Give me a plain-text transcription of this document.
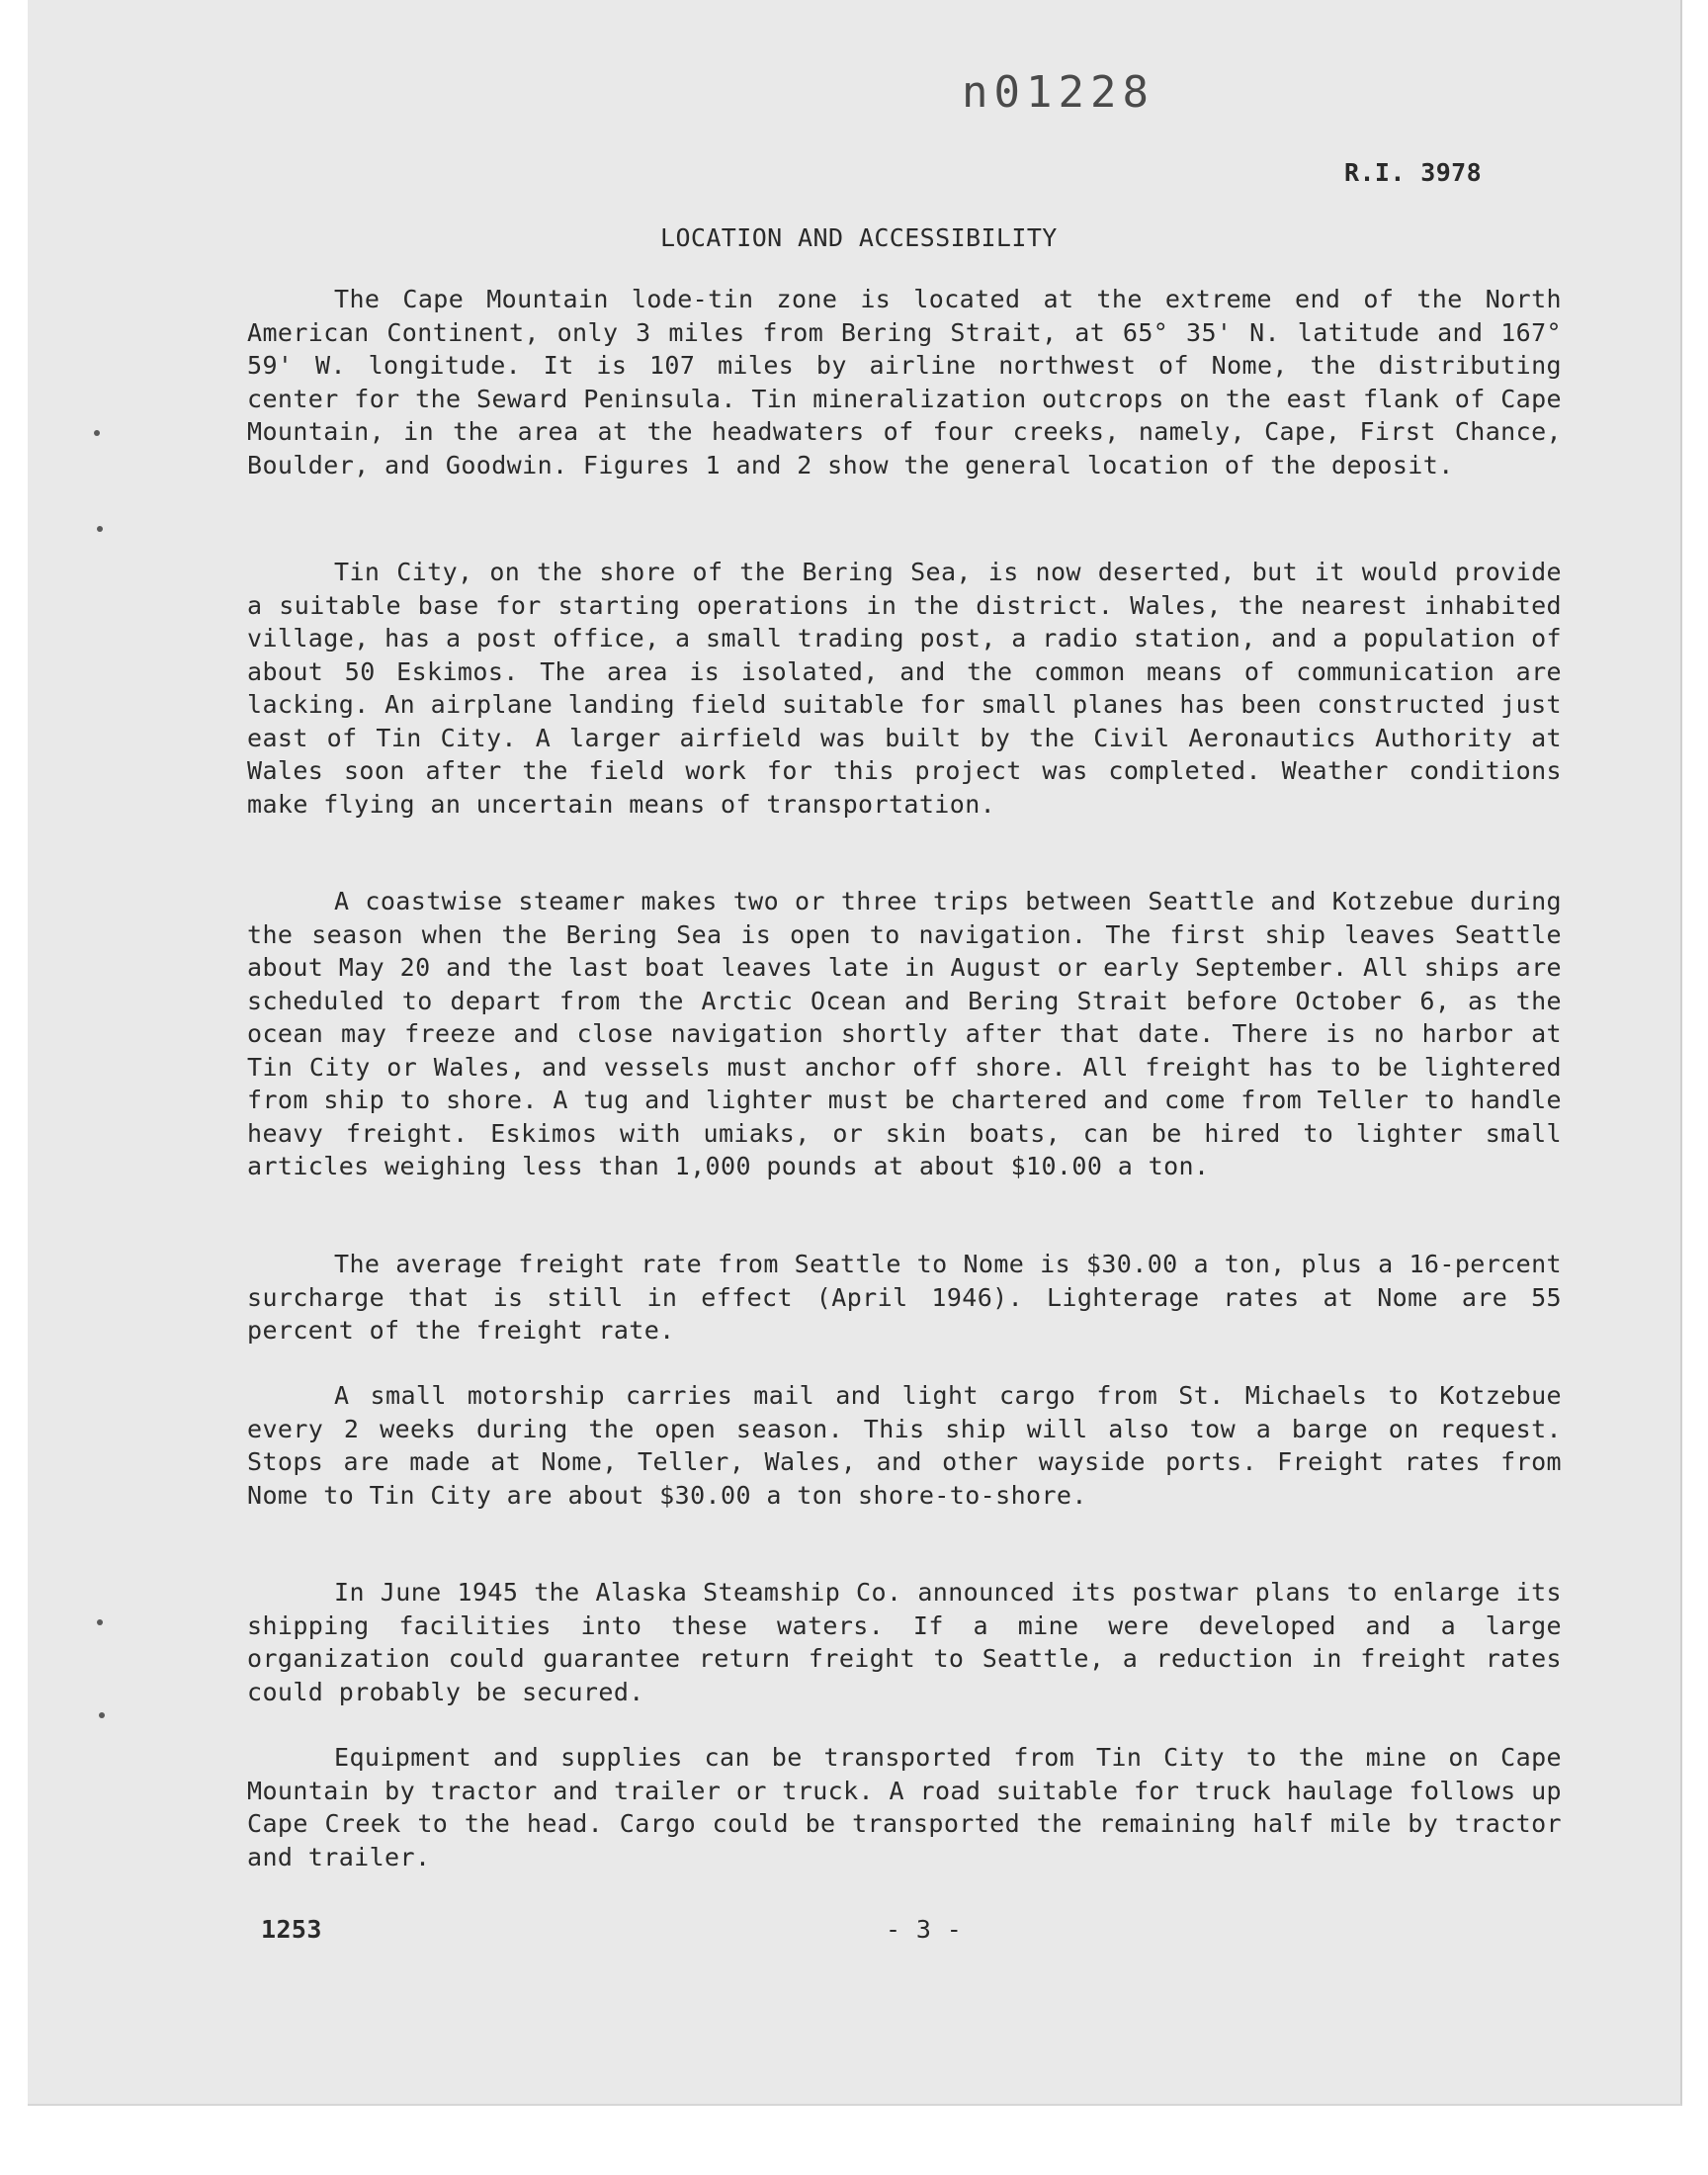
n01228
R.I. 3978
LOCATION AND ACCESSIBILITY

The Cape Mountain lode-tin zone is located at the extreme end of the North American Continent, only 3 miles from Bering Strait, at 65° 35' N. latitude and 167° 59' W. longitude. It is 107 miles by airline northwest of Nome, the distributing center for the Seward Peninsula. Tin mineralization outcrops on the east flank of Cape Mountain, in the area at the headwaters of four creeks, namely, Cape, First Chance, Boulder, and Goodwin. Figures 1 and 2 show the general location of the deposit.

Tin City, on the shore of the Bering Sea, is now deserted, but it would provide a suitable base for starting operations in the district. Wales, the nearest inhabited village, has a post office, a small trading post, a radio station, and a population of about 50 Eskimos. The area is isolated, and the common means of communication are lacking. An airplane landing field suitable for small planes has been constructed just east of Tin City. A larger airfield was built by the Civil Aeronautics Authority at Wales soon after the field work for this project was completed. Weather conditions make flying an uncertain means of transportation.

A coastwise steamer makes two or three trips between Seattle and Kotzebue during the season when the Bering Sea is open to navigation. The first ship leaves Seattle about May 20 and the last boat leaves late in August or early September. All ships are scheduled to depart from the Arctic Ocean and Bering Strait before October 6, as the ocean may freeze and close navigation shortly after that date. There is no harbor at Tin City or Wales, and vessels must anchor off shore. All freight has to be lightered from ship to shore. A tug and lighter must be chartered and come from Teller to handle heavy freight. Eskimos with umiaks, or skin boats, can be hired to lighter small articles weighing less than 1,000 pounds at about $10.00 a ton.

The average freight rate from Seattle to Nome is $30.00 a ton, plus a 16-percent surcharge that is still in effect (April 1946). Lighterage rates at Nome are 55 percent of the freight rate.

A small motorship carries mail and light cargo from St. Michaels to Kotzebue every 2 weeks during the open season. This ship will also tow a barge on request. Stops are made at Nome, Teller, Wales, and other wayside ports. Freight rates from Nome to Tin City are about $30.00 a ton shore-to-shore.

In June 1945 the Alaska Steamship Co. announced its postwar plans to enlarge its shipping facilities into these waters. If a mine were developed and a large organization could guarantee return freight to Seattle, a reduction in freight rates could probably be secured.

Equipment and supplies can be transported from Tin City to the mine on Cape Mountain by tractor and trailer or truck. A road suitable for truck haulage follows up Cape Creek to the head. Cargo could be transported the remaining half mile by tractor and trailer.

1253	- 3 -
